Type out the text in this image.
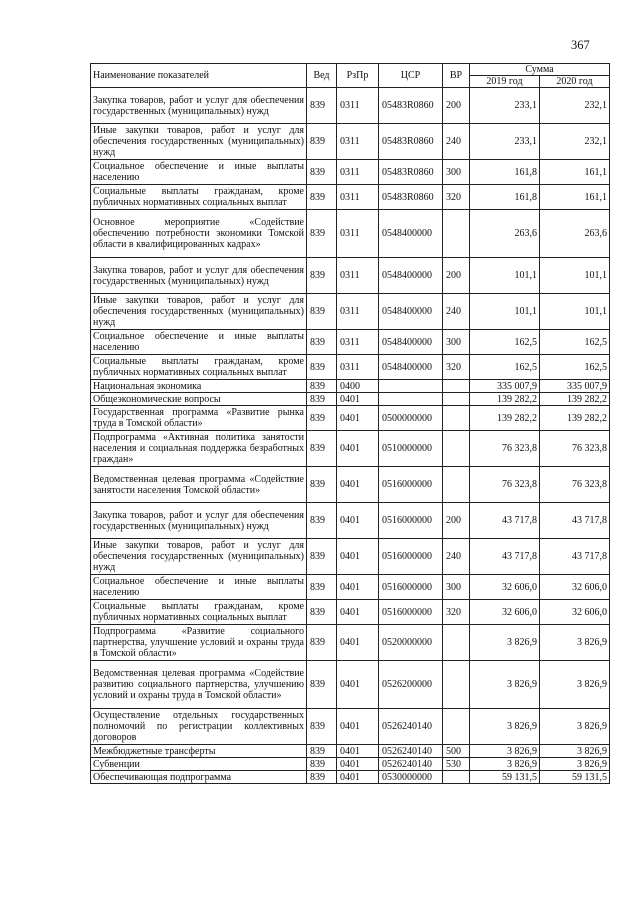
367
Наименование показателей	Вед	РзПр	ЦСР	ВР	Сумма	
					2019 год	2020 год
Закупка товаров, работ и услуг для обеспечения государственных (муниципальных) нужд	839	0311	05483R0860	200	233,1	232,1
Иные закупки товаров, работ и услуг для обеспечения государственных (муниципальных) нужд	839	0311	05483R0860	240	233,1	232,1
Социальное обеспечение и иные выплаты населению	839	0311	05483R0860	300	161,8	161,1
Социальные выплаты гражданам, кроме публичных нормативных социальных выплат	839	0311	05483R0860	320	161,8	161,1
Основное мероприятие «Содействие обеспечению потребности экономики Томской области в квалифицированных кадрах»	839	0311	0548400000		263,6	263,6
Закупка товаров, работ и услуг для обеспечения государственных (муниципальных) нужд	839	0311	0548400000	200	101,1	101,1
Иные закупки товаров, работ и услуг для обеспечения государственных (муниципальных) нужд	839	0311	0548400000	240	101,1	101,1
Социальное обеспечение и иные выплаты населению	839	0311	0548400000	300	162,5	162,5
Социальные выплаты гражданам, кроме публичных нормативных социальных выплат	839	0311	0548400000	320	162,5	162,5
Национальная экономика	839	0400			335 007,9	335 007,9
Общеэкономические вопросы	839	0401			139 282,2	139 282,2
Государственная программа «Развитие рынка труда в Томской области»	839	0401	0500000000		139 282,2	139 282,2
Подпрограмма «Активная политика занятости населения и социальная поддержка безработных граждан»	839	0401	0510000000		76 323,8	76 323,8
Ведомственная целевая программа «Содействие занятости населения Томской области»	839	0401	0516000000		76 323,8	76 323,8
Закупка товаров, работ и услуг для обеспечения государственных (муниципальных) нужд	839	0401	0516000000	200	43 717,8	43 717,8
Иные закупки товаров, работ и услуг для обеспечения государственных (муниципальных) нужд	839	0401	0516000000	240	43 717,8	43 717,8
Социальное обеспечение и иные выплаты населению	839	0401	0516000000	300	32 606,0	32 606,0
Социальные выплаты гражданам, кроме публичных нормативных социальных выплат	839	0401	0516000000	320	32 606,0	32 606,0
Подпрограмма «Развитие социального партнерства, улучшение условий и охраны труда в Томской области»	839	0401	0520000000		3 826,9	3 826,9
Ведомственная целевая программа «Содействие развитию социального партнерства, улучшению условий и охраны труда в Томской области»	839	0401	0526200000		3 826,9	3 826,9
Осуществление отдельных государственных полномочий по регистрации коллективных договоров	839	0401	0526240140		3 826,9	3 826,9
Межбюджетные трансферты	839	0401	0526240140	500	3 826,9	3 826,9
Субвенции	839	0401	0526240140	530	3 826,9	3 826,9
Обеспечивающая подпрограмма	839	0401	0530000000		59 131,5	59 131,5
